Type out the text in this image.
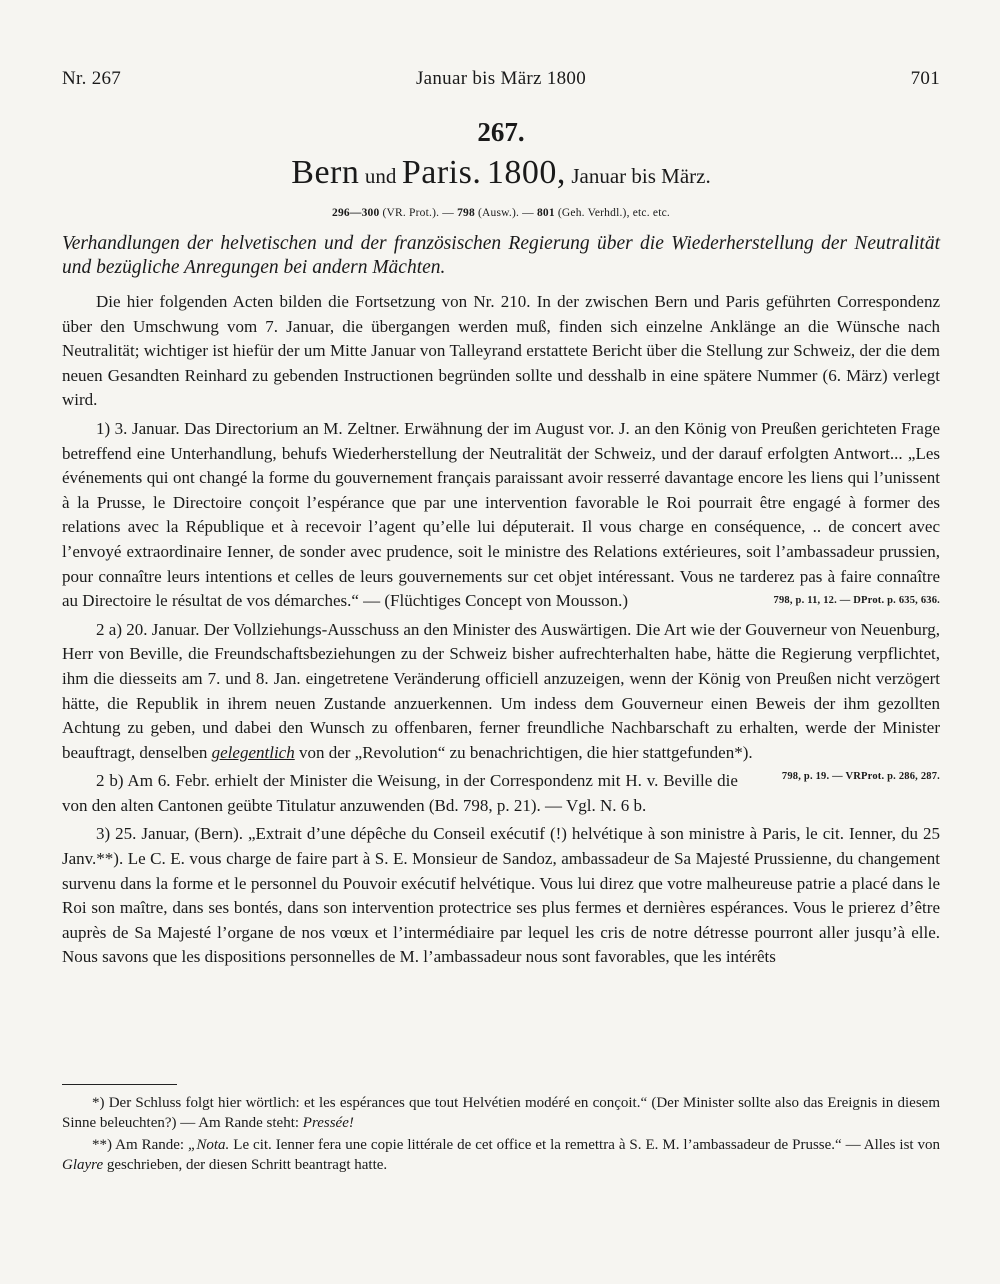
Nr. 267	Januar bis März 1800	701
267.
Bern und Paris. 1800, Januar bis März.
296—300 (VR. Prot.). — 798 (Ausw.). — 801 (Geh. Verhdl.), etc. etc.
Verhandlungen der helvetischen und der französischen Regierung über die Wiederherstellung der Neutralität und bezügliche Anregungen bei andern Mächten.

Die hier folgenden Acten bilden die Fortsetzung von Nr. 210. In der zwischen Bern und Paris geführten Correspondenz über den Umschwung vom 7. Januar, die übergangen werden muß, finden sich einzelne Anklänge an die Wünsche nach Neutralität; wichtiger ist hiefür der um Mitte Januar von Talleyrand erstattete Bericht über die Stellung zur Schweiz, der die dem neuen Gesandten Reinhard zu gebenden Instructionen begründen sollte und desshalb in eine spätere Nummer (6. März) verlegt wird.

1) 3. Januar. Das Directorium an M. Zeltner. Erwähnung der im August vor. J. an den König von Preußen gerichteten Frage betreffend eine Unterhandlung, behufs Wiederherstellung der Neutralität der Schweiz, und der darauf erfolgten Antwort... „Les événements qui ont changé la forme du gouvernement français paraissant avoir resserré davantage encore les liens qui l’unissent à la Prusse, le Directoire conçoit l’espérance que par une intervention favorable le Roi pourrait être engagé à former des relations avec la République et à recevoir l’agent qu’elle lui députerait. Il vous charge en conséquence, .. de concert avec l’envoyé extraordinaire Ienner, de sonder avec prudence, soit le ministre des Relations extérieures, soit l’ambassadeur prussien, pour connaître leurs intentions et celles de leurs gouvernements sur cet objet intéressant. Vous ne tarderez pas à faire connaître au Directoire le résultat de vos démarches.“ — (Flüchtiges Concept von Mousson.)	798, p. 11, 12. — DProt. p. 635, 636.

2 a) 20. Januar. Der Vollziehungs-Ausschuss an den Minister des Auswärtigen. Die Art wie der Gouverneur von Neuenburg, Herr von Beville, die Freundschaftsbeziehungen zu der Schweiz bisher aufrechterhalten habe, hätte die Regierung verpflichtet, ihm die diesseits am 7. und 8. Jan. eingetretene Veränderung officiell anzuzeigen, wenn der König von Preußen nicht verzögert hätte, die Republik in ihrem neuen Zustande anzuerkennen. Um indess dem Gouverneur einen Beweis der ihm gezollten Achtung zu geben, und dabei den Wunsch zu offenbaren, ferner freundliche Nachbarschaft zu erhalten, werde der Minister beauftragt, denselben gelegentlich von der „Revolution“ zu benachrichtigen, die hier stattgefunden*).
798, p. 19. — VRProt. p. 286, 287.

2 b) Am 6. Febr. erhielt der Minister die Weisung, in der Correspondenz mit H. v. Beville die von den alten Cantonen geübte Titulatur anzuwenden (Bd. 798, p. 21). — Vgl. N. 6 b.

3) 25. Januar, (Bern). „Extrait d’une dépêche du Conseil exécutif (!) helvétique à son ministre à Paris, le cit. Ienner, du 25 Janv.**). Le C. E. vous charge de faire part à S. E. Monsieur de Sandoz, ambassadeur de Sa Majesté Prussienne, du changement survenu dans la forme et le personnel du Pouvoir exécutif helvétique. Vous lui direz que votre malheureuse patrie a placé dans le Roi son maître, dans ses bontés, dans son intervention protectrice ses plus fermes et dernières espérances. Vous le prierez d’être auprès de Sa Majesté l’organe de nos vœux et l’intermédiaire par lequel les cris de notre détresse pourront aller jusqu’à elle. Nous savons que les dispositions personnelles de M. l’ambassadeur nous sont favorables, que les intérêts

*) Der Schluss folgt hier wörtlich: et les espérances que tout Helvétien modéré en conçoit.“ (Der Minister sollte also das Ereignis in diesem Sinne beleuchten?) — Am Rande steht: Pressée!

**) Am Rande: „Nota. Le cit. Ienner fera une copie littérale de cet office et la remettra à S. E. M. l’ambassadeur de Prusse.“ — Alles ist von Glayre geschrieben, der diesen Schritt beantragt hatte.
